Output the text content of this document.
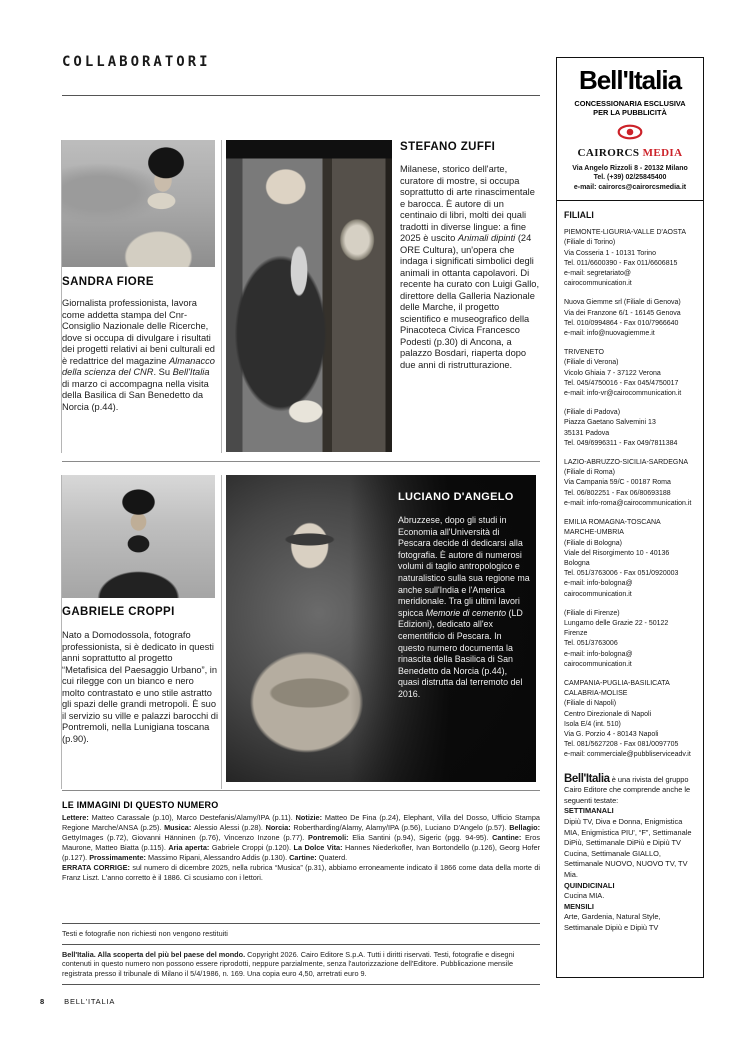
COLLABORATORI
SANDRA FIORE
Giornalista professionista, lavora come addetta stampa del Cnr-Consiglio Nazionale delle Ricerche, dove si occupa di divulgare i risultati dei progetti relativi ai beni culturali ed è redattrice del magazine Almanacco della scienza del CNR. Su Bell'Italia di marzo ci accompagna nella visita della Basilica di San Benedetto da Norcia (p.44).
STEFANO ZUFFI
Milanese, storico dell'arte, curatore di mostre, si occupa soprattutto di arte rinascimentale e barocca. È autore di un centinaio di libri, molti dei quali tradotti in diverse lingue: a fine 2025 è uscito Animali dipinti (24 ORE Cultura), un'opera che indaga i significati simbolici degli animali in ottanta capolavori. Di recente ha curato con Luigi Gallo, direttore della Galleria Nazionale delle Marche, il progetto scientifico e museografico della Pinacoteca Civica Francesco Podesti (p.30) di Ancona, a palazzo Bosdari, riaperta dopo due anni di ristrutturazione.
GABRIELE CROPPI
Nato a Domodossola, fotografo professionista, si è dedicato in questi anni soprattutto al progetto “Metafisica del Paesaggio Urbano”, in cui rilegge con un bianco e nero molto contrastato e uno stile astratto gli spazi delle grandi metropoli. È suo il servizio su ville e palazzi barocchi di Pontremoli, nella Lunigiana toscana (p.90).
LUCIANO D'ANGELO
Abruzzese, dopo gli studi in Economia all'Università di Pescara decide di dedicarsi alla fotografia. È autore di numerosi volumi di taglio antropologico e naturalistico sulla sua regione ma anche sull'India e l'America meridionale. Tra gli ultimi lavori spicca Memorie di cemento (LD Edizioni), dedicato all'ex cementificio di Pescara. In questo numero documenta la rinascita della Basilica di San Benedetto da Norcia (p.44), quasi distrutta dal terremoto del 2016.
LE IMMAGINI DI QUESTO NUMERO
Lettere: Matteo Carassale (p.10), Marco Destefanis/Alamy/IPA (p.11). Notizie: Matteo De Fina (p.24), Elephant, Villa del Dosso, Ufficio Stampa Regione Marche/ANSA (p.25). Musica: Alessio Alessi (p.28). Norcia: Robertharding/Alamy, Alamy/IPA (p.56), Luciano D'Angelo (p.57). Bellagio: GettyImages (p.72), Giovanni Hänninen (p.76), Vincenzo Inzone (p.77). Pontremoli: Elia Santini (p.94), Sigeric (pgg. 94-95). Cantine: Eros Maurone, Matteo Biatta (p.115). Aria aperta: Gabriele Croppi (p.120). La Dolce Vita: Hannes Niederkofler, Ivan Bortondello (p.126), Georg Hofer (p.127). Prossimamente: Massimo Ripani, Alessandro Addis (p.130). Cartine: Quaterd.
ERRATA CORRIGE: sul numero di dicembre 2025, nella rubrica “Musica” (p.31), abbiamo erroneamente indicato il 1866 come data della morte di Franz Liszt. L'anno corretto è il 1886. Ci scusiamo con i lettori.
Testi e fotografie non richiesti non vengono restituiti
Bell'Italia. Alla scoperta del più bel paese del mondo. Copyright 2026. Cairo Editore S.p.A. Tutti i diritti riservati. Testi, fotografie e disegni contenuti in questo numero non possono essere riprodotti, neppure parzialmente, senza l'autorizzazione dell'Editore. Pubblicazione mensile registrata presso il tribunale di Milano il 5/4/1986, n. 169. Una copia euro 4,50, arretrati euro 9.
8	BELL'ITALIA
Bell'Italia
CONCESSIONARIA ESCLUSIVA
PER LA PUBBLICITÀ
CAIRORCS MEDIA
Via Angelo Rizzoli 8 - 20132 Milano
Tel. (+39) 02/25845400
e-mail: cairorcs@cairorcsmedia.it
FILIALI
PIEMONTE-LIGURIA-VALLE D'AOSTA
(Filiale di Torino)
Via Cosseria 1 - 10131 Torino
Tel. 011/6600390 - Fax 011/6606815
e-mail: segretariato@
cairocommunication.it
Nuova Giemme srl (Filiale di Genova)
Via dei Franzone 6/1 - 16145 Genova
Tel. 010/0994864 - Fax 010/7966640
e-mail: info@nuovagiemme.it
TRIVENETO
(Filiale di Verona)
Vicolo Ghiaia 7 - 37122 Verona
Tel. 045/4750016 - Fax 045/4750017
e-mail: info-vr@cairocommunication.it
(Filiale di Padova)
Piazza Gaetano Salvemini 13
35131 Padova
Tel. 049/6996311 - Fax 049/7811384
LAZIO-ABRUZZO-SICILIA-SARDEGNA
(Filiale di Roma)
Via Campania 59/C - 00187 Roma
Tel. 06/802251 - Fax 06/80693188
e-mail: info-roma@cairocommunication.it
EMILIA ROMAGNA-TOSCANA
MARCHE-UMBRIA
(Filiale di Bologna)
Viale del Risorgimento 10 - 40136
Bologna
Tel. 051/3763006 - Fax 051/0920003
e-mail: info-bologna@
cairocommunication.it
(Filiale di Firenze)
Lungarno delle Grazie 22 - 50122
Firenze
Tel. 051/3763006
e-mail: info-bologna@
cairocommunication.it
CAMPANIA-PUGLIA-BASILICATA
CALABRIA-MOLISE
(Filiale di Napoli)
Centro Direzionale di Napoli
Isola E/4 (int. 510)
Via G. Porzio 4 - 80143 Napoli
Tel. 081/5627208 - Fax 081/0097705
e-mail: commerciale@pubbliserviceadv.it
Bell'Italia è una rivista del gruppo Cairo Editore che comprende anche le seguenti testate:
SETTIMANALI
Dipiù TV, Diva e Donna, Enigmistica MIA, Enigmistica PIU', “F”, Settimanale DiPiù, Settimanale DiPiù e Dipiù TV Cucina, Settimanale GIALLO, Settimanale NUOVO, NUOVO TV, TV Mia.
QUINDICINALI
Cucina MIA.
MENSILI
Arte, Gardenia, Natural Style, Settimanale Dipiù e Dipiù TV
